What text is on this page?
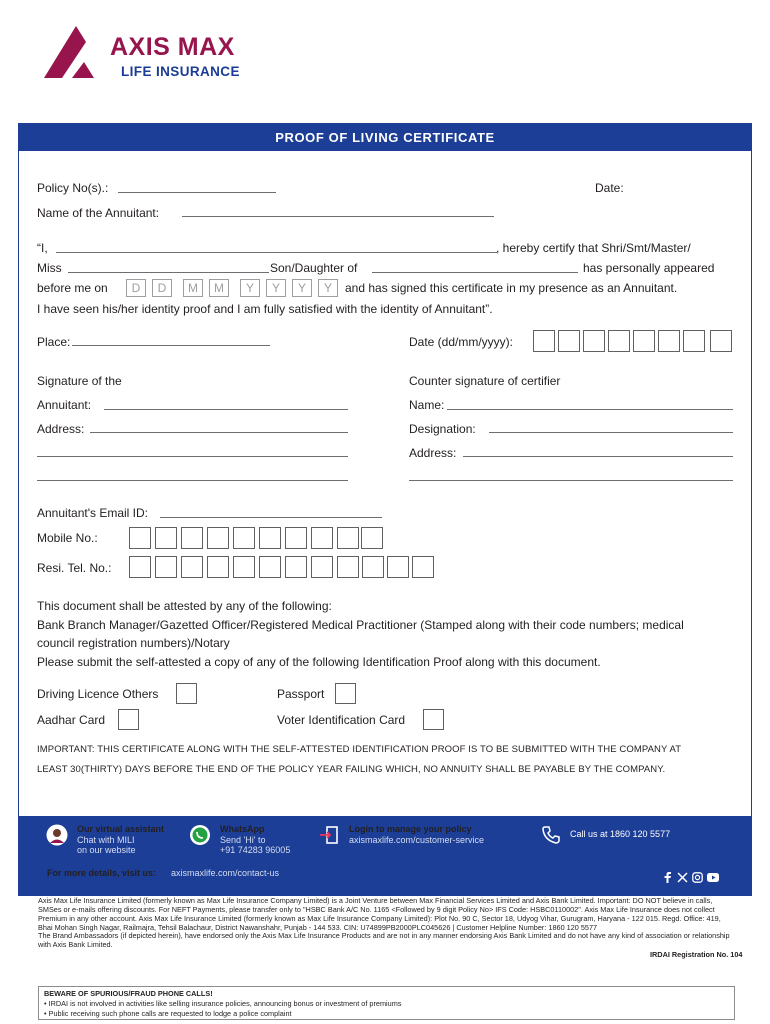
AXIS MAX
LIFE INSURANCE
PROOF OF LIVING CERTIFICATE
Policy No(s).:	Date:
Name of the Annuitant:
“I,	, hereby certify that Shri/Smt/Master/
Miss	Son/Daughter of	has personally appeared
before me on	D	D	M	M	Y	Y	Y	Y	and has signed this certificate in my presence as an Annuitant.
I have seen his/her identity proof and I am fully satisfied with the identity of Annuitant”.
Place:	Date (dd/mm/yyyy):
Signature of the
Annuitant:
Address:
Counter signature of certifier
Name:
Designation:
Address:
Annuitant's Email ID:
Mobile No.:
Resi. Tel. No.:
This document shall be attested by any of the following:
Bank Branch Manager/Gazetted Officer/Registered Medical Practitioner (Stamped along with their code numbers; medical
council registration numbers)/Notary
Please submit the self-attested a copy of any of the following Identification Proof along with this document.
Driving Licence Others	Passport
Aadhar Card	Voter Identification Card
IMPORTANT: THIS CERTIFICATE ALONG WITH THE SELF-ATTESTED IDENTIFICATION PROOF IS TO BE SUBMITTED WITH THE COMPANY AT
LEAST 30(THIRTY) DAYS BEFORE THE END OF THE POLICY YEAR FAILING WHICH, NO ANNUITY SHALL BE PAYABLE BY THE COMPANY.
Our virtual assistant
Chat with MILI
on our website
WhatsApp
Send 'Hi' to
+91 74283 96005
Login to manage your policy
axismaxlife.com/customer-service
Call us at 1860 120 5577
For more details, visit us: axismaxlife.com/contact-us
Axis Max Life Insurance Limited (formerly known as Max Life Insurance Company Limited) is a Joint Venture between Max Financial Services Limited and Axis Bank Limited. Important: DO NOT believe in calls, SMSes or e-mails offering discounts. For NEFT Payments, please transfer only to "HSBC Bank A/C No. 1165 <Followed by 9 digit Policy No> IFS Code: HSBC0110002". Axis Max Life Insurance does not collect Premium in any other account. Axis Max Life Insurance Limited (formerly known as Max Life Insurance Company Limited): Plot No. 90 C, Sector 18, Udyog Vihar, Gurugram, Haryana - 122 015. Regd. Office: 419, Bhai Mohan Singh Nagar, Railmajra, Tehsil Balachaur, District Nawanshahr, Punjab - 144 533. CIN: U74899PB2000PLC045626 | Customer Helpline Number: 1860 120 5577
The Brand Ambassadors (if depicted herein), have endorsed only the Axis Max Life Insurance Products and are not in any manner endorsing Axis Bank Limited and do not have any kind of association or relationship with Axis Bank Limited.
IRDAI Registration No. 104
BEWARE OF SPURIOUS/FRAUD PHONE CALLS!
• IRDAI is not involved in activities like selling insurance policies, announcing bonus or investment of premiums
• Public receiving such phone calls are requested to lodge a police complaint
